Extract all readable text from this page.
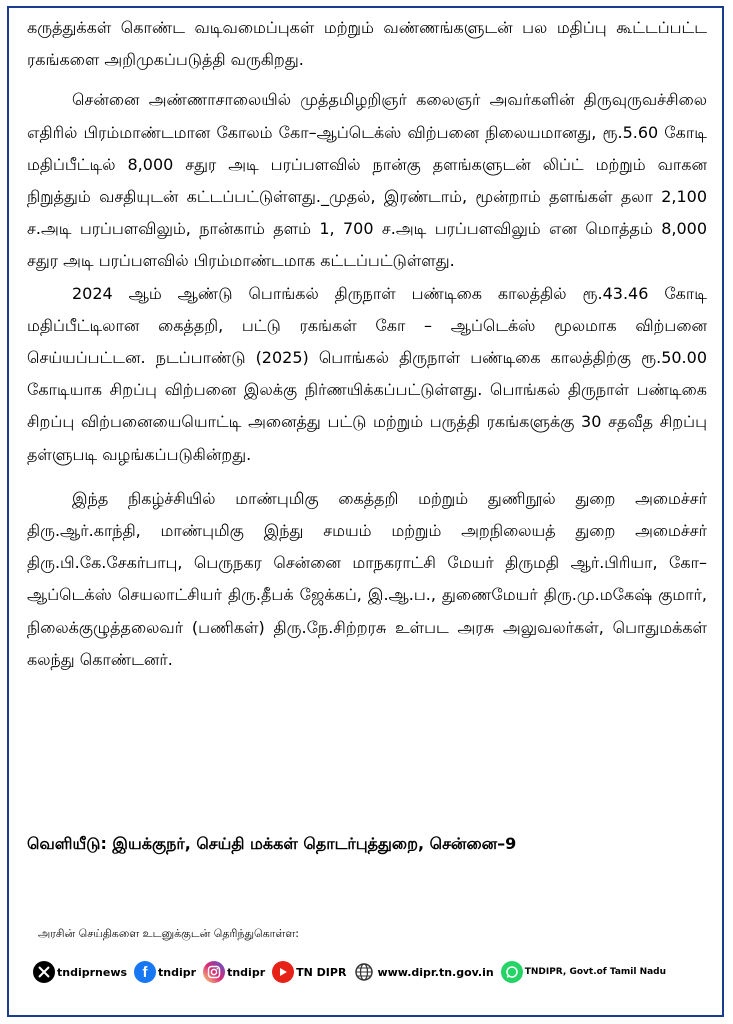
கருத்துக்கள் கொண்ட வடிவமைப்புகள் மற்றும் வண்ணங்களுடன் பல மதிப்பு கூட்டப்பட்ட ரகங்களை அறிமுகப்படுத்தி வருகிறது.

சென்னை அண்ணாசாலையில் முத்தமிழறிஞர் கலைஞர் அவர்களின் திருவுருவச்சிலை எதிரில் பிரம்மாண்டமான கோலம் கோ–ஆப்டெக்ஸ் விற்பனை நிலையமானது, ரூ.5.60 கோடி மதிப்பீட்டில் 8,000 சதுர அடி பரப்பளவில் நான்கு தளங்களுடன் லிப்ட் மற்றும் வாகன நிறுத்தும் வசதியுடன் கட்டப்பட்டுள்ளது._முதல், இரண்டாம், மூன்றாம் தளங்கள் தலா 2,100 ச.அடி பரப்பளவிலும், நான்காம் தளம் 1, 700 ச.அடி பரப்பளவிலும் என மொத்தம் 8,000 சதுர அடி பரப்பளவில் பிரம்மாண்டமாக கட்டப்பட்டுள்ளது.

2024 ஆம் ஆண்டு பொங்கல் திருநாள் பண்டிகை காலத்தில் ரூ.43.46 கோடி மதிப்பீட்டிலான கைத்தறி, பட்டு ரகங்கள் கோ – ஆப்டெக்ஸ் மூலமாக விற்பனை செய்யப்பட்டன. நடப்பாண்டு (2025) பொங்கல் திருநாள் பண்டிகை காலத்திற்கு ரூ.50.00 கோடியாக சிறப்பு விற்பனை இலக்கு நிர்ணயிக்கப்பட்டுள்ளது. பொங்கல் திருநாள் பண்டிகை சிறப்பு விற்பனையையொட்டி அனைத்து பட்டு மற்றும் பருத்தி ரகங்களுக்கு 30 சதவீத சிறப்பு தள்ளுபடி வழங்கப்படுகின்றது.

இந்த நிகழ்ச்சியில் மாண்புமிகு கைத்தறி மற்றும் துணிநூல் துறை அமைச்சர் திரு.ஆர்.காந்தி, மாண்புமிகு இந்து சமயம் மற்றும் அறநிலையத் துறை அமைச்சர் திரு.பி.கே.சேகர்பாபு, பெருநகர சென்னை மாநகராட்சி மேயர் திருமதி ஆர்.பிரியா, கோ–ஆப்டெக்ஸ் செயலாட்சியர் திரு.தீபக் ஜேக்கப், இ.ஆ.ப., துணைமேயர் திரு.மு.மகேஷ் குமார், நிலைக்குழுத்தலைவர் (பணிகள்) திரு.நே.சிற்றரசு உள்பட அரசு அலுவலர்கள், பொதுமக்கள் கலந்து கொண்டனர்.

வெளியீடு: இயக்குநர், செய்தி மக்கள் தொடர்புத்துறை, சென்னை–9
அரசின் செய்திகளை உடனுக்குடன் தெரிந்துகொள்ள:
tndiprnews f tndipr	tndipr	TN DIPR	www.dipr.tn.gov.in	TNDIPR, Govt.of Tamil Nadu
